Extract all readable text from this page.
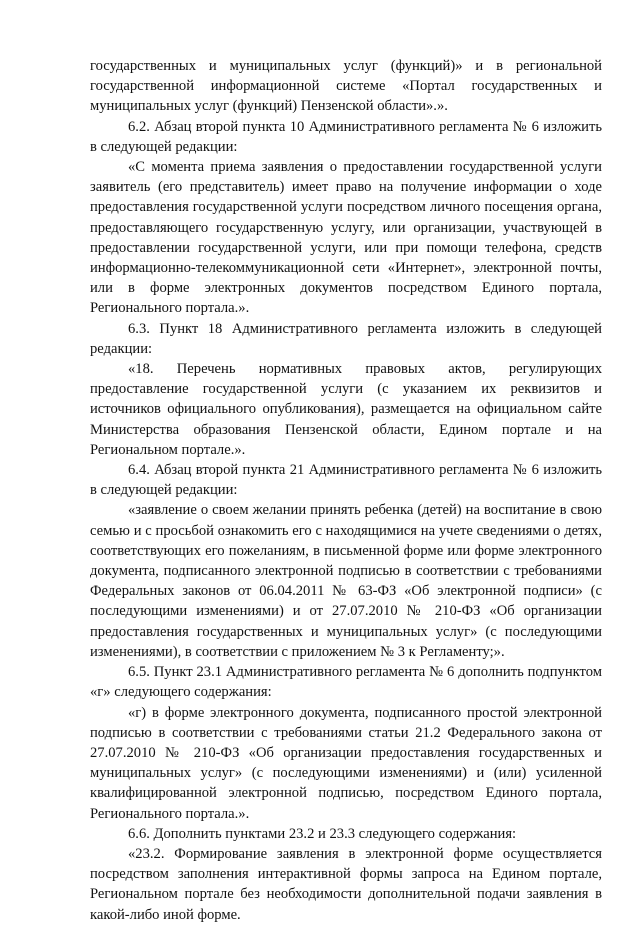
государственных и муниципальных услуг (функций)» и в региональной государственной информационной системе «Портал государственных и муниципальных услуг (функций) Пензенской области».».

6.2. Абзац второй пункта 10 Административного регламента № 6 изложить в следующей редакции:

«С момента приема заявления о предоставлении государственной услуги заявитель (его представитель) имеет право на получение информации о ходе предоставления государственной услуги посредством личного посещения органа, предоставляющего государственную услугу, или организации, участвующей в предоставлении государственной услуги, или при помощи телефона, средств информационно-телекоммуникационной сети «Интернет», электронной почты, или в форме электронных документов посредством Единого портала, Регионального портала.».

6.3. Пункт 18 Административного регламента изложить в следующей редакции:

«18. Перечень нормативных правовых актов, регулирующих предоставление государственной услуги (с указанием их реквизитов и источников официального опубликования), размещается на официальном сайте Министерства образования Пензенской области, Едином портале и на Региональном портале.».

6.4. Абзац второй пункта 21 Административного регламента № 6 изложить в следующей редакции:

«заявление о своем желании принять ребенка (детей) на воспитание в свою семью и с просьбой ознакомить его с находящимися на учете сведениями о детях, соответствующих его пожеланиям, в письменной форме или форме электронного документа, подписанного электронной подписью в соответствии с требованиями Федеральных законов от 06.04.2011 № 63-ФЗ «Об электронной подписи» (с последующими изменениями) и от 27.07.2010 № 210-ФЗ «Об организации предоставления государственных и муниципальных услуг» (с последующими изменениями), в соответствии с приложением № 3 к Регламенту;».

6.5. Пункт 23.1 Административного регламента № 6 дополнить подпунктом «г» следующего содержания:

«г) в форме электронного документа, подписанного простой электронной подписью в соответствии с требованиями статьи 21.2 Федерального закона от 27.07.2010 № 210-ФЗ «Об организации предоставления государственных и муниципальных услуг» (с последующими изменениями) и (или) усиленной квалифицированной электронной подписью, посредством Единого портала, Регионального портала.».

6.6. Дополнить пунктами 23.2 и 23.3 следующего содержания:

«23.2. Формирование заявления в электронной форме осуществляется посредством заполнения интерактивной формы запроса на Едином портале, Региональном портале без необходимости дополнительной подачи заявления в какой-либо иной форме.
